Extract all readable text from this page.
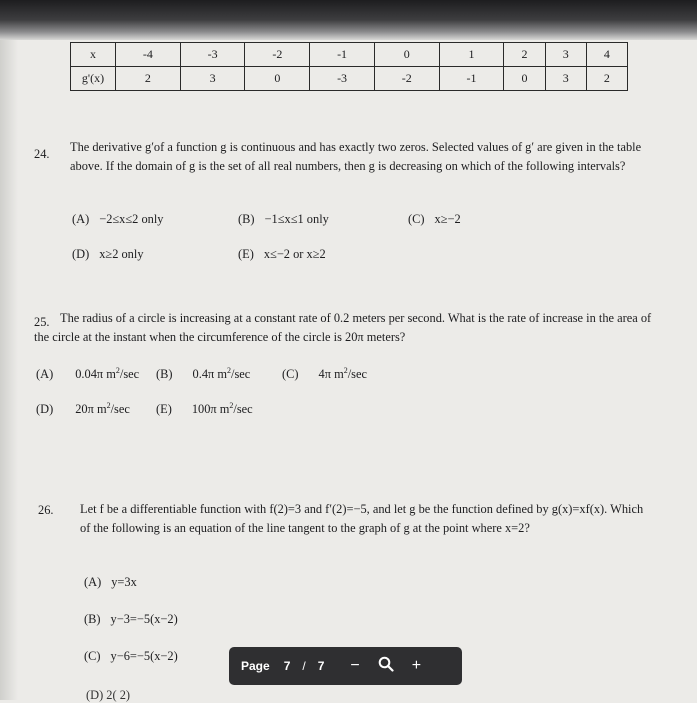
x	-4	-3	-2	-1	0	1	2	3	4
g'(x)	2	3	0	-3	-2	-1	0	3	2
24. The derivative g′of a function g is continuous and has exactly two zeros. Selected values of g′ are given in the table above. If the domain of g is the set of all real numbers, then g is decreasing on which of the following intervals?
(A) −2≤x≤2 only	(B) −1≤x≤1 only	(C) x≥−2
(D) x≥2 only	(E) x≤−2 or x≥2
25. The radius of a circle is increasing at a constant rate of 0.2 meters per second. What is the rate of increase in the area of the circle at the instant when the circumference of the circle is 20π meters?
(A) 0.04π $m^2/\sec$ (B) 0.4π $m^2/\sec$	(C) 4π $m^2/\sec$
(D) 20π $m^2/\sec$ (E) 100π $m^2/\sec$
26. Let f be a differentiable function with f(2)=3 and f′(2)=−5, and let g be the function defined by g(x)=xf(x). Which of the following is an equation of the line tangent to the graph of g at the point where x=2?
(A) y=3x
(B) y−3=−5(x−2)
(C) y−6=−5(x−2)
(D) 2( 2)
Page 7 / 7 −	+
